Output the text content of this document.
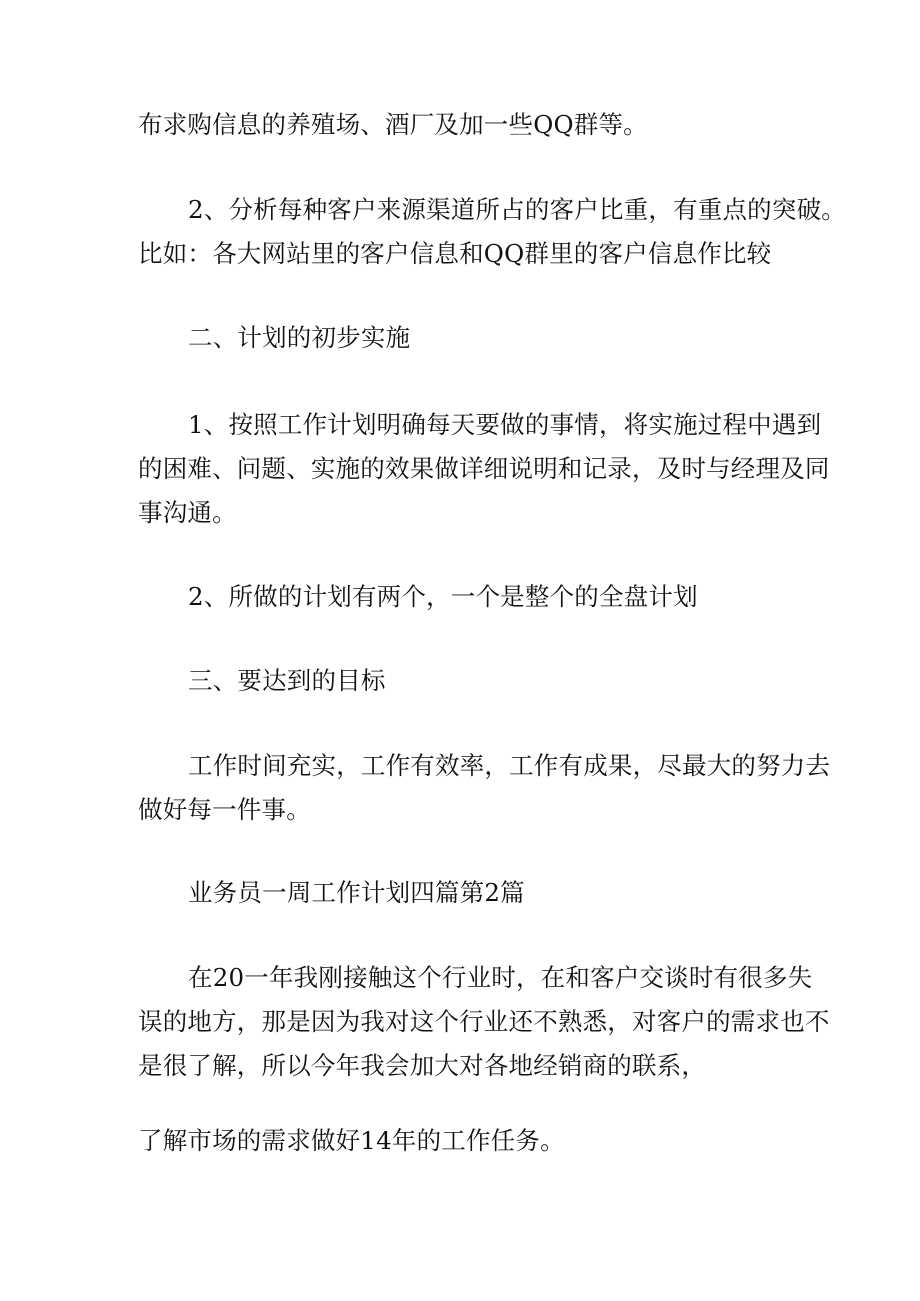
布求购信息的养殖场、酒厂及加一些QQ群等。

2、分析每种客户来源渠道所占的客户比重，有重点的突破。
比如：各大网站里的客户信息和QQ群里的客户信息作比较

二、计划的初步实施

1、按照工作计划明确每天要做的事情，将实施过程中遇到
的困难、问题、实施的效果做详细说明和记录，及时与经理及同
事沟通。

2、所做的计划有两个，一个是整个的全盘计划

三、要达到的目标

工作时间充实，工作有效率，工作有成果，尽最大的努力去
做好每一件事。

业务员一周工作计划四篇第2篇

在20一年我刚接触这个行业时，在和客户交谈时有很多失
误的地方，那是因为我对这个行业还不熟悉，对客户的需求也不
是很了解，所以今年我会加大对各地经销商的联系，

了解市场的需求做好14年的工作任务。
